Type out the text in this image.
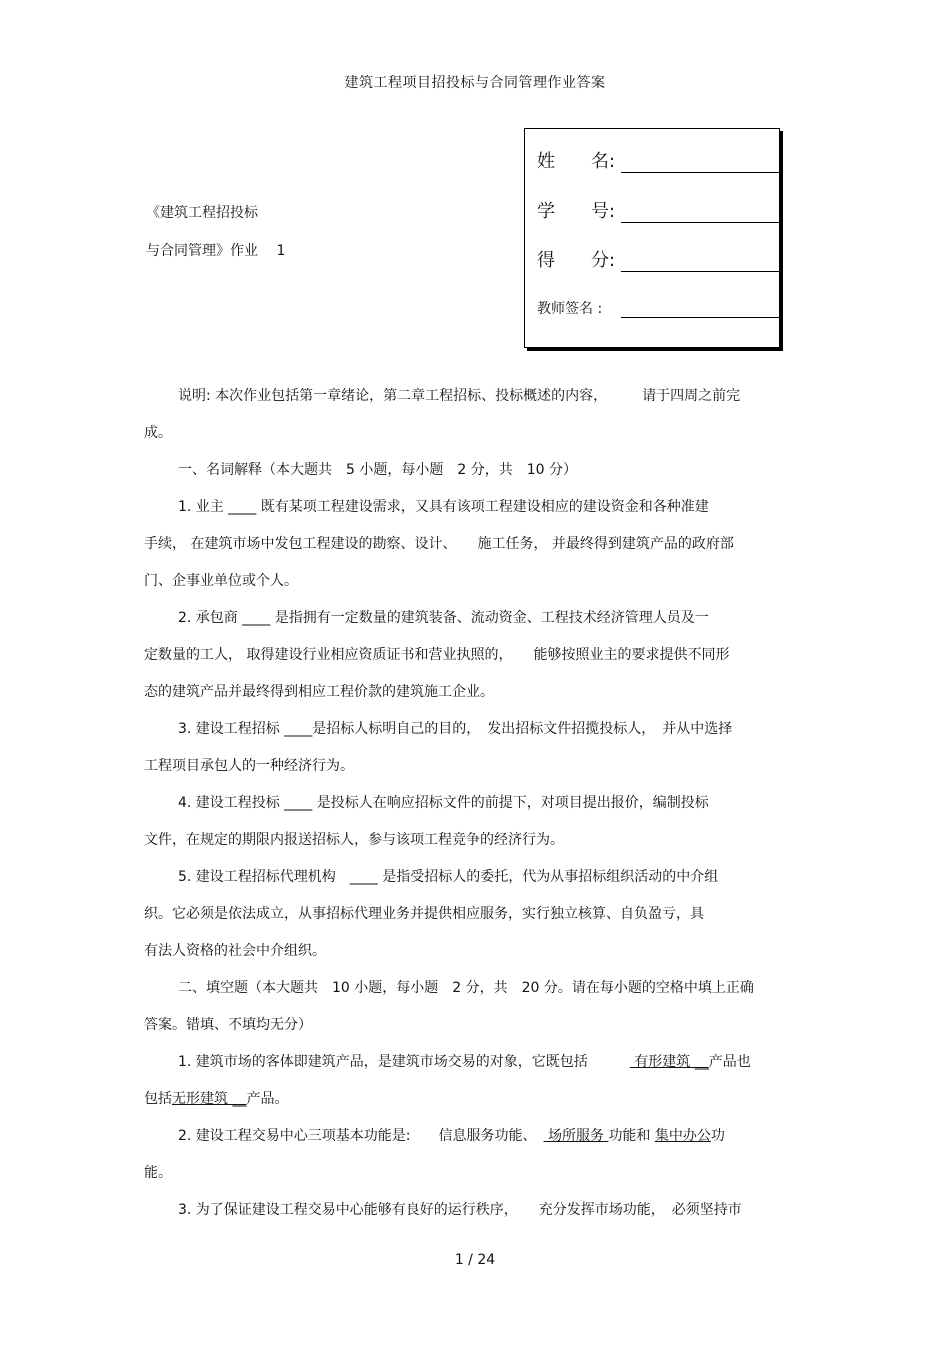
建筑工程项目招投标与合同管理作业答案
《建筑工程招投标
与合同管理》作业　 1
姓　　名:
学　　号:
得　　分:
教师签名 :
说明: 本次作业包括第一章绪论，第二章工程招标、投标概述的内容，　　　请于四周之前完
成。
一、名词解释（本大题共　5 小题，每小题　2 分，共　10 分）
1. 业主 ____ 既有某项工程建设需求，又具有该项工程建设相应的建设资金和各种准建
手续， 在建筑市场中发包工程建设的勘察、设计、　　施工任务， 并最终得到建筑产品的政府部
门、企事业单位或个人。
2. 承包商 ____ 是指拥有一定数量的建筑装备、流动资金、工程技术经济管理人员及一
定数量的工人， 取得建设行业相应资质证书和营业执照的，　　能够按照业主的要求提供不同形
态的建筑产品并最终得到相应工程价款的建筑施工企业。
3. 建设工程招标 ____是招标人标明自己的目的，　发出招标文件招揽投标人，　并从中选择
工程项目承包人的一种经济行为。
4. 建设工程投标 ____ 是投标人在响应招标文件的前提下，对项目提出报价，编制投标
文件，在规定的期限内报送招标人，参与该项工程竞争的经济行为。
5. 建设工程招标代理机构　____ 是指受招标人的委托，代为从事招标组织活动的中介组
织。它必须是依法成立，从事招标代理业务并提供相应服务，实行独立核算、自负盈亏，具
有法人资格的社会中介组织。
二、填空题（本大题共　10 小题，每小题　2 分，共　20 分。请在每小题的空格中填上正确
答案。错填、不填均无分）
1. 建筑市场的客体即建筑产品，是建筑市场交易的对象，它既包括　　　 有形建筑 __产品也
包括无形建筑 __产品。
2. 建设工程交易中心三项基本功能是:　　信息服务功能、　 场所服务 功能和 集中办公功
能。
3. 为了保证建设工程交易中心能够有良好的运行秩序，　　充分发挥市场功能，　必须坚持市
1 / 24
